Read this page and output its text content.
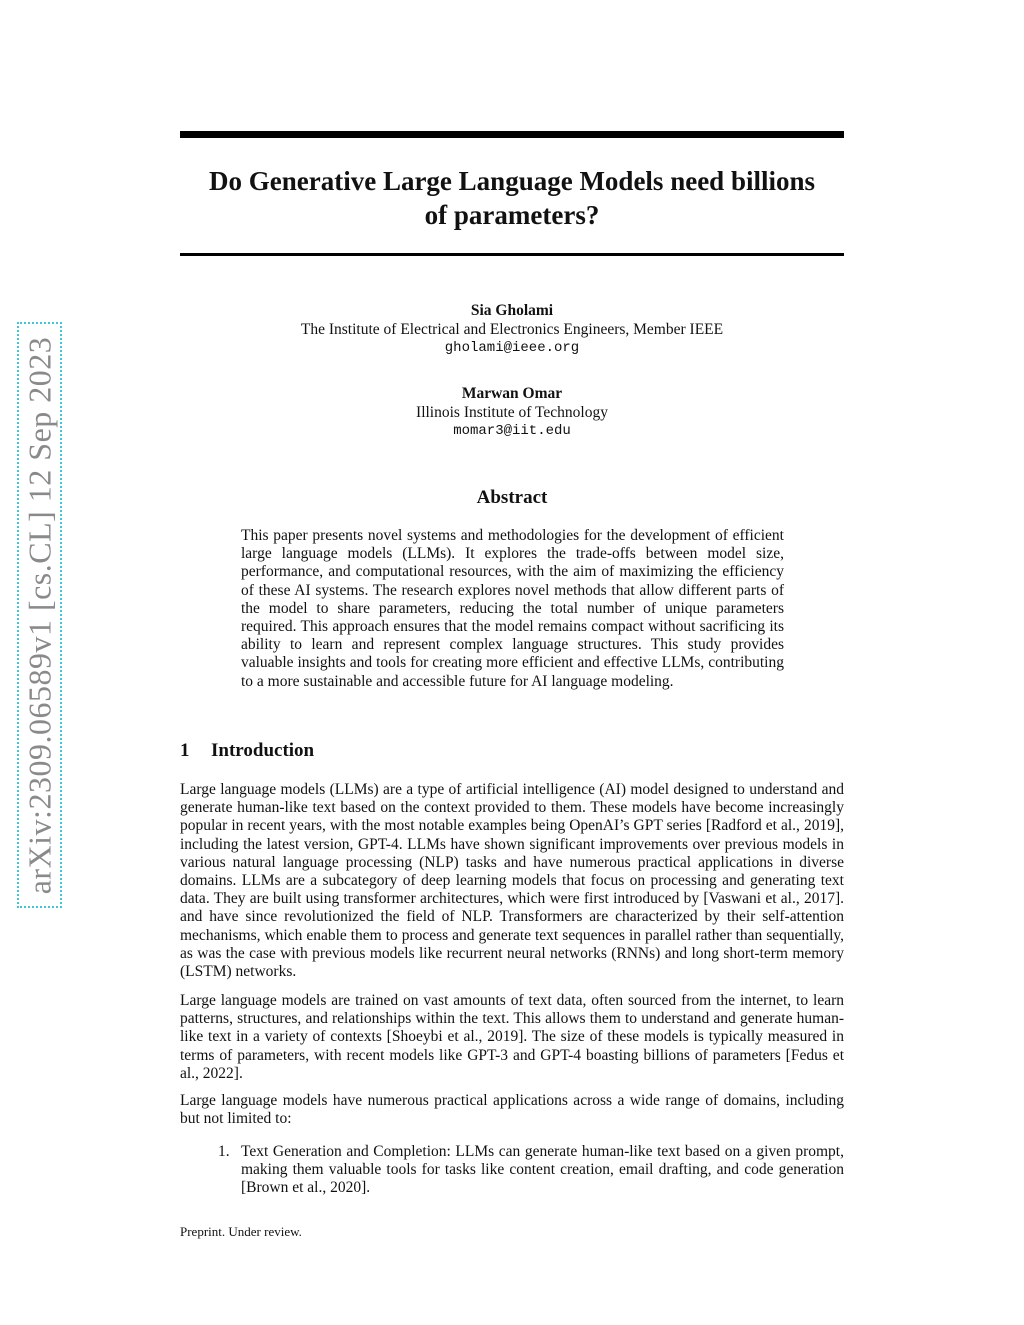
arXiv:2309.06589v1 [cs.CL] 12 Sep 2023
Do Generative Large Language Models need billions
of parameters?
Sia Gholami
The Institute of Electrical and Electronics Engineers, Member IEEE
gholami@ieee.org
Marwan Omar
Illinois Institute of Technology
momar3@iit.edu
Abstract

This paper presents novel systems and methodologies for the development of efficient large language models (LLMs). It explores the trade-offs between model size, performance, and computational resources, with the aim of maximizing the efficiency of these AI systems. The research explores novel methods that allow different parts of the model to share parameters, reducing the total number of unique parameters required. This approach ensures that the model remains compact without sacrificing its ability to learn and represent complex language structures. This study provides valuable insights and tools for creating more efficient and effective LLMs, contributing to a more sustainable and accessible future for AI language modeling.

1 Introduction

Large language models (LLMs) are a type of artificial intelligence (AI) model designed to understand and generate human-like text based on the context provided to them. These models have become increasingly popular in recent years, with the most notable examples being OpenAI’s GPT series [Radford et al., 2019], including the latest version, GPT-4. LLMs have shown significant improvements over previous models in various natural language processing (NLP) tasks and have numerous practical applications in diverse domains. LLMs are a subcategory of deep learning models that focus on processing and generating text data. They are built using transformer architectures, which were first introduced by [Vaswani et al., 2017]. and have since revolutionized the field of NLP. Transformers are characterized by their self-attention mechanisms, which enable them to process and generate text sequences in parallel rather than sequentially, as was the case with previous models like recurrent neural networks (RNNs) and long short-term memory (LSTM) networks.

Large language models are trained on vast amounts of text data, often sourced from the internet, to learn patterns, structures, and relationships within the text. This allows them to understand and generate human-like text in a variety of contexts [Shoeybi et al., 2019]. The size of these models is typically measured in terms of parameters, with recent models like GPT-3 and GPT-4 boasting billions of parameters [Fedus et al., 2022].

Large language models have numerous practical applications across a wide range of domains, including but not limited to:

1. Text Generation and Completion: LLMs can generate human-like text based on a given prompt, making them valuable tools for tasks like content creation, email drafting, and code generation [Brown et al., 2020].
Preprint. Under review.
